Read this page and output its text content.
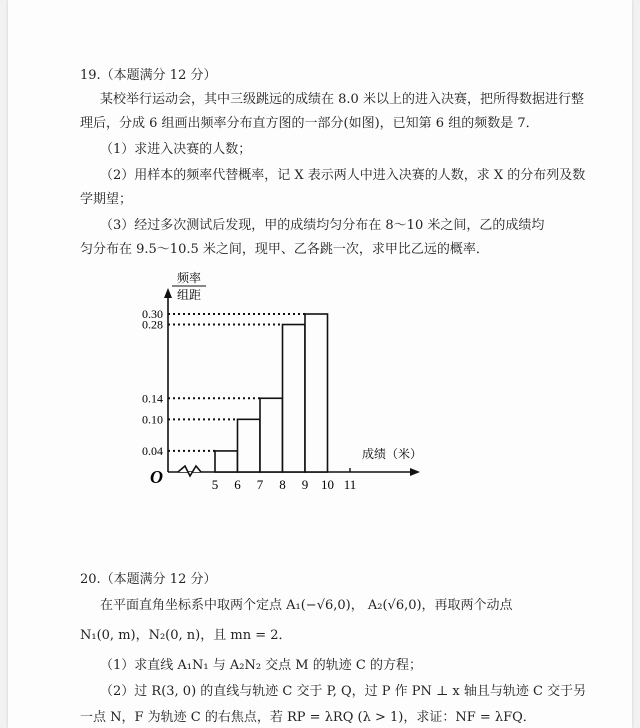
19.（本题满分 12 分）
某校举行运动会，其中三级跳远的成绩在 8.0 米以上的进入决赛，把所得数据进行整
理后，分成 6 组画出频率分布直方图的一部分(如图)，已知第 6 组的频数是 7．
（1）求进入决赛的人数；
（2）用样本的频率代替概率，记 X 表示两人中进入决赛的人数，求 X 的分布列及数
学期望；
（3）经过多次测试后发现，甲的成绩均匀分布在 8～10 米之间，乙的成绩均
匀分布在 9.5～10.5 米之间，现甲、乙各跳一次，求甲比乙远的概率．
频率
组距
成绩（米）
O
0.04
0.10
0.14
0.28
0.30
5 6 7 8 9 10 11
20.（本题满分 12 分）
在平面直角坐标系中取两个定点 A₁(−√6,0)， A₂(√6,0)，再取两个动点
N₁(0, m)，N₂(0, n)，且 mn = 2．
（1）求直线 A₁N₁ 与 A₂N₂ 交点 M 的轨迹 C 的方程；
（2）过 R(3, 0) 的直线与轨迹 C 交于 P, Q，过 P 作 PN ⊥ x 轴且与轨迹 C 交于另
一点 N，F 为轨迹 C 的右焦点，若 RP = λRQ (λ > 1)，求证：NF = λFQ．
